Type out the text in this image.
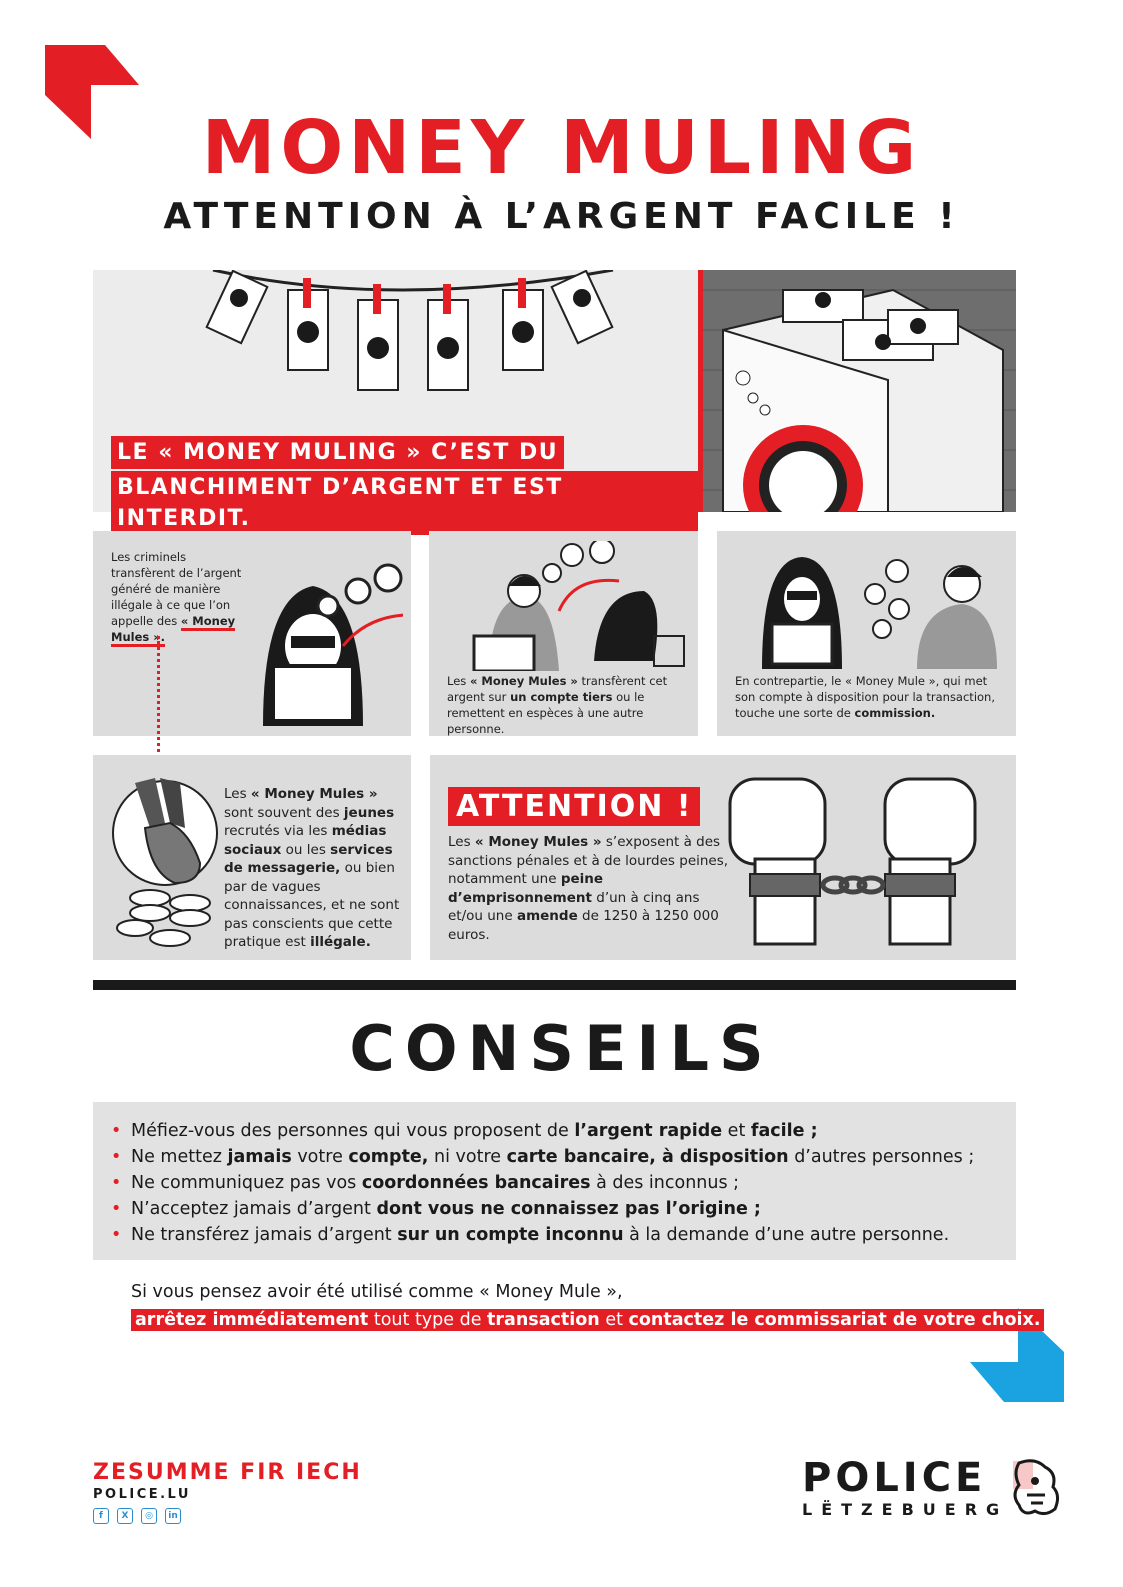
MONEY MULING
ATTENTION À L’ARGENT FACILE !
LE « MONEY MULING » C’EST DU
BLANCHIMENT D’ARGENT ET EST INTERDIT.
Les criminels transfèrent de l’argent généré de manière illégale à ce que l’on appelle des « Money Mules ».
Les « Money Mules » transfèrent cet argent sur un compte tiers ou le remettent en espèces à une autre personne.
En contrepartie, le « Money Mule », qui met son compte à disposition pour la transaction, touche une sorte de commission.
Les « Money Mules » sont souvent des jeunes recrutés via les médias sociaux ou les services de messagerie, ou bien par de vagues connaissances, et ne sont pas conscients que cette pratique est illégale.
ATTENTION !
Les « Money Mules » s’exposent à des sanctions pénales et à de lourdes peines, notamment une peine d’emprisonnement d’un à cinq ans et/ou une amende de 1250 à 1250 000 euros.
CONSEILS
• Méfiez-vous des personnes qui vous proposent de l’argent rapide et facile ;
• Ne mettez jamais votre compte, ni votre carte bancaire, à disposition d’autres personnes ;
• Ne communiquez pas vos coordonnées bancaires à des inconnus ;
• N’acceptez jamais d’argent dont vous ne connaissez pas l’origine ;
• Ne transférez jamais d’argent sur un compte inconnu à la demande d’une autre personne.
Si vous pensez avoir été utilisé comme « Money Mule »,
arrêtez immédiatement tout type de transaction et contactez le commissariat de votre choix.
ZESUMME FIR IECH
POLICE.LU
f	X	◎	in
POLICE
LËTZEBUERG
